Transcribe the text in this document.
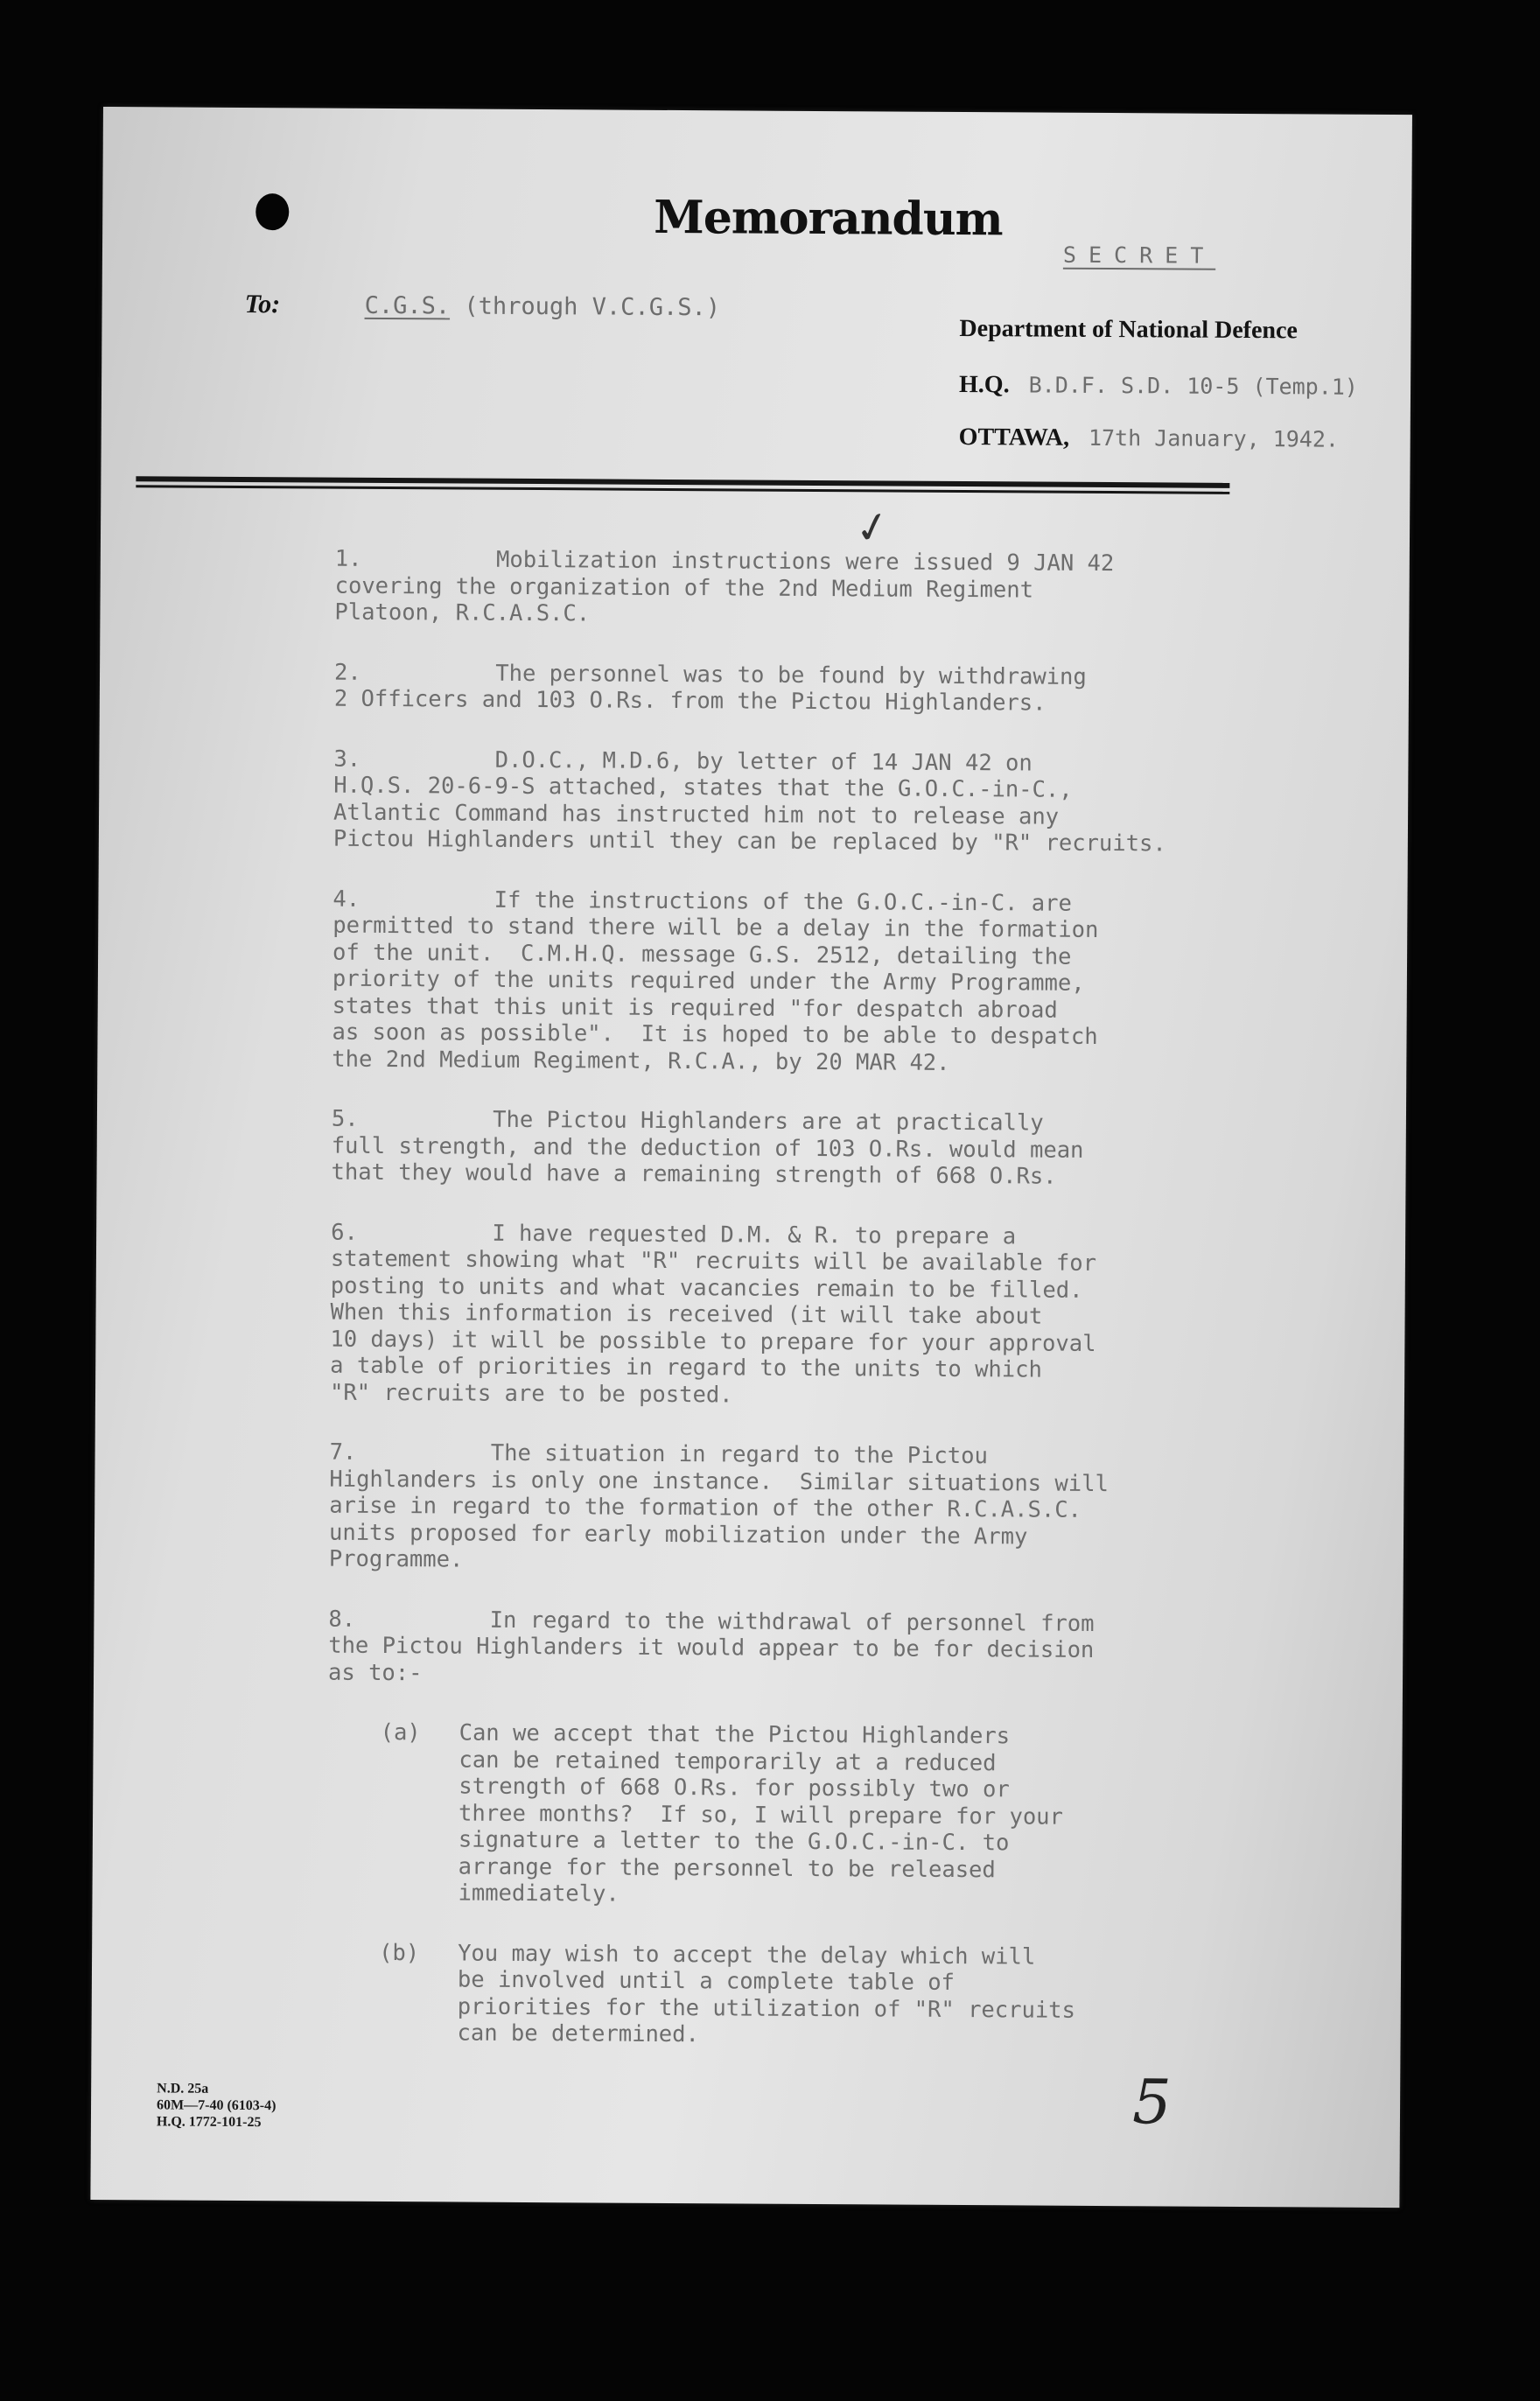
Memorandum
SECRET
To:	C.G.S. (through V.C.G.S.)
Department of National Defence
H.Q. B.D.F. S.D. 10-5 (Temp.1)
OTTAWA, 17th January, 1942.
✓
1.	Mobilization instructions were issued 9 JAN 42
covering the organization of the 2nd Medium Regiment
Platoon, R.C.A.S.C.
2.	The personnel was to be found by withdrawing
2 Officers and 103 O.Rs. from the Pictou Highlanders.
3.	D.O.C., M.D.6, by letter of 14 JAN 42 on
H.Q.S. 20-6-9-S attached, states that the G.O.C.-in-C.,
Atlantic Command has instructed him not to release any
Pictou Highlanders until they can be replaced by "R" recruits.
4.	If the instructions of the G.O.C.-in-C. are
permitted to stand there will be a delay in the formation
of the unit.  C.M.H.Q. message G.S. 2512, detailing the
priority of the units required under the Army Programme,
states that this unit is required "for despatch abroad
as soon as possible".  It is hoped to be able to despatch
the 2nd Medium Regiment, R.C.A., by 20 MAR 42.
5.	The Pictou Highlanders are at practically
full strength, and the deduction of 103 O.Rs. would mean
that they would have a remaining strength of 668 O.Rs.
6.	I have requested D.M. & R. to prepare a
statement showing what "R" recruits will be available for
posting to units and what vacancies remain to be filled.
When this information is received (it will take about
10 days) it will be possible to prepare for your approval
a table of priorities in regard to the units to which
"R" recruits are to be posted.
7.	The situation in regard to the Pictou
Highlanders is only one instance.  Similar situations will
arise in regard to the formation of the other R.C.A.S.C.
units proposed for early mobilization under the Army
Programme.
8.	In regard to the withdrawal of personnel from
the Pictou Highlanders it would appear to be for decision
as to:-
(a)	Can we accept that the Pictou Highlanders
can be retained temporarily at a reduced
strength of 668 O.Rs. for possibly two or
three months?  If so, I will prepare for your
signature a letter to the G.O.C.-in-C. to
arrange for the personnel to be released
immediately.
(b)	You may wish to accept the delay which will
be involved until a complete table of
priorities for the utilization of "R" recruits
can be determined.
5
N.D. 25a
60M—7-40 (6103-4)
H.Q. 1772-101-25
